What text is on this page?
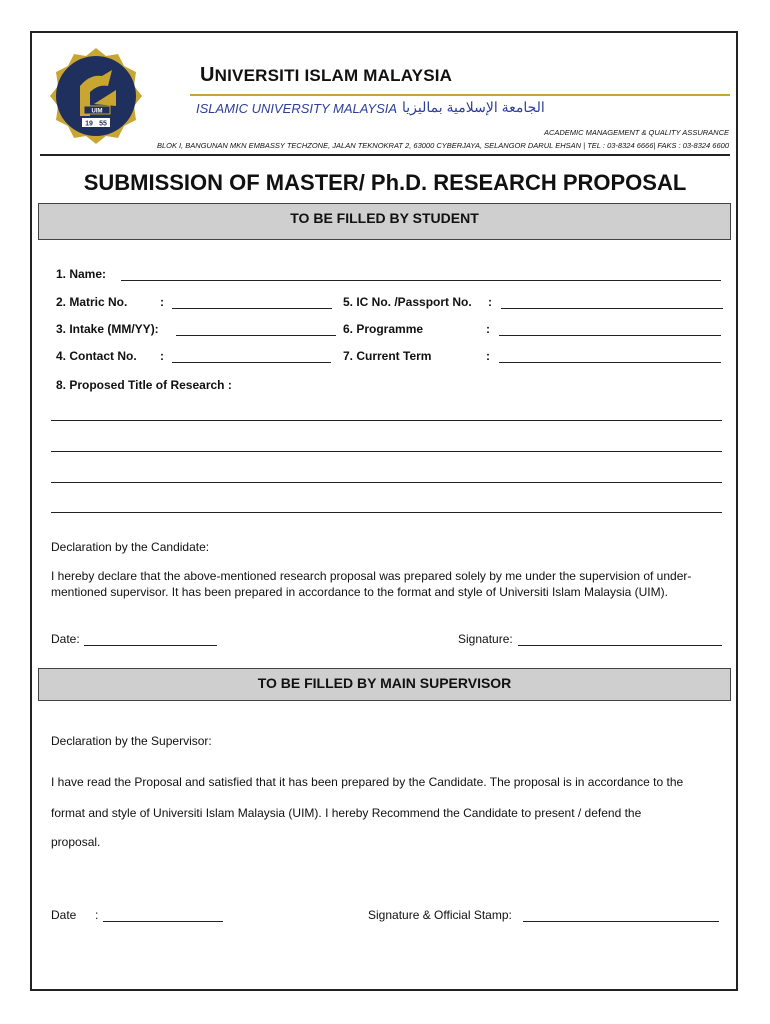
UIM
19 55
UNIVERSITI ISLAM MALAYSIA
ISLAMIC UNIVERSITY MALAYSIA الجامعة الإسلامية بماليزيا
ACADEMIC MANAGEMENT & QUALITY ASSURANCE
BLOK I, BANGUNAN MKN EMBASSY TECHZONE, JALAN TEKNOKRAT 2, 63000 CYBERJAYA, SELANGOR DARUL EHSAN | TEL : 03-8324 6666| FAKS : 03-8324 6600
SUBMISSION OF MASTER/ Ph.D. RESEARCH PROPOSAL
TO BE FILLED BY STUDENT
1. Name:
2. Matric No.	:	5. IC No. /Passport No. :
3. Intake (MM/YY):	6. Programme	:
4. Contact No. :	7. Current Term	:
8. Proposed Title of Research :
Declaration by the Candidate:
I hereby declare that the above-mentioned research proposal was prepared solely by me under the supervision of under-mentioned supervisor. It has been prepared in accordance to the format and style of Universiti Islam Malaysia (UIM).
Date:	Signature:
TO BE FILLED BY MAIN SUPERVISOR
Declaration by the Supervisor:
I have read the Proposal and satisfied that it has been prepared by the Candidate. The proposal is in accordance to the
format and style of Universiti Islam Malaysia (UIM). I hereby Recommend the Candidate to present / defend the
proposal.
Date :	Signature & Official Stamp:
